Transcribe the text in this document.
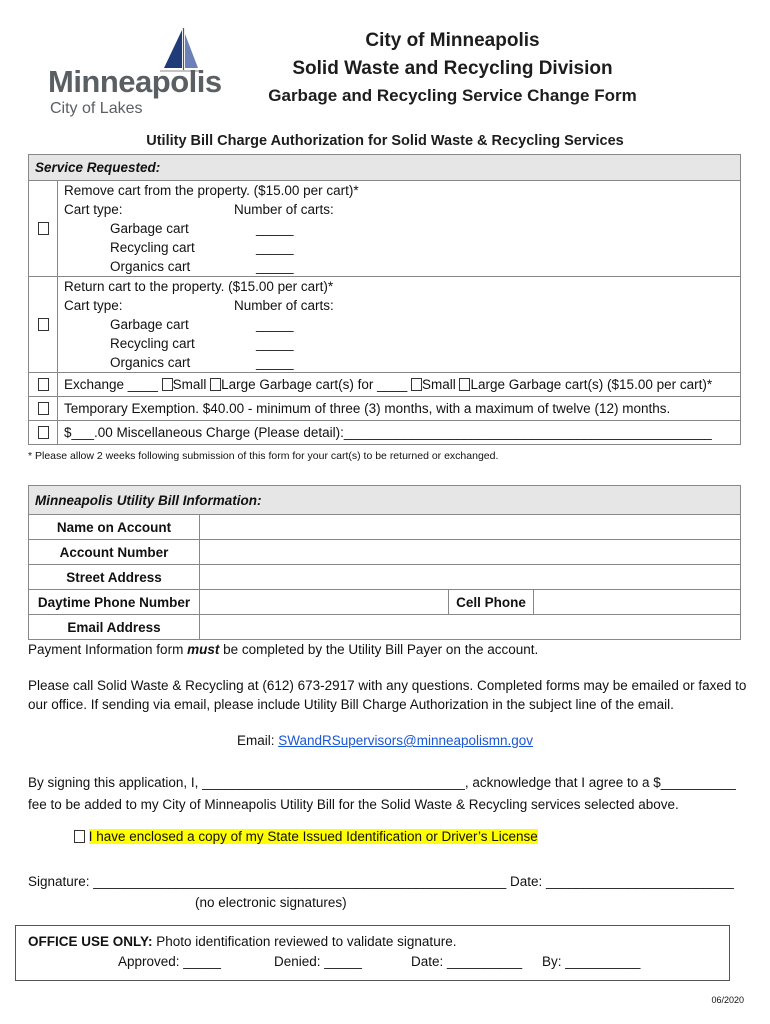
Minneapolis
City of Lakes
City of Minneapolis
Solid Waste and Recycling Division
Garbage and Recycling Service Change Form
Utility Bill Charge Authorization for Solid Waste & Recycling Services
Service Requested:	

	Remove cart from the property. ($15.00 per cart)*
Cart type: Number of carts:
Garbage cart _____
Recycling cart _____
Organics cart _____

	Return cart to the property. ($15.00 per cart)*
Cart type: Number of carts:
Garbage cart _____
Recycling cart _____
Organics cart _____

	Exchange ____ Small Large Garbage cart(s) for ____ Small Large Garbage cart(s) ($15.00 per cart)*
	Temporary Exemption. $40.00 - minimum of three (3) months, with a maximum of twelve (12) months.
	$___.00 Miscellaneous Charge (Please detail):_________________________________________________
* Please allow 2 weeks following submission of this form for your cart(s) to be returned or exchanged.
Minneapolis Utility Bill Information:			
Name on Account			
Account Number			
Street Address			
Daytime Phone Number		Cell Phone	
Email Address			
Payment Information form must be completed by the Utility Bill Payer on the account.
Please call Solid Waste & Recycling at (612) 673-2917 with any questions. Completed forms may be emailed or faxed to our office. If sending via email, please include Utility Bill Charge Authorization in the subject line of the email.
Email: SWandRSupervisors@minneapolismn.gov
By signing this application, I, ___________________________________, acknowledge that I agree to a $__________
fee to be added to my City of Minneapolis Utility Bill for the Solid Waste & Recycling services selected above.
I have enclosed a copy of my State Issued Identification or Driver’s License
Signature: _______________________________________________________ Date: _________________________
(no electronic signatures)
OFFICE USE ONLY: Photo identification reviewed to validate signature.
Approved: _____	Denied: _____	Date: __________ By: __________
06/2020
